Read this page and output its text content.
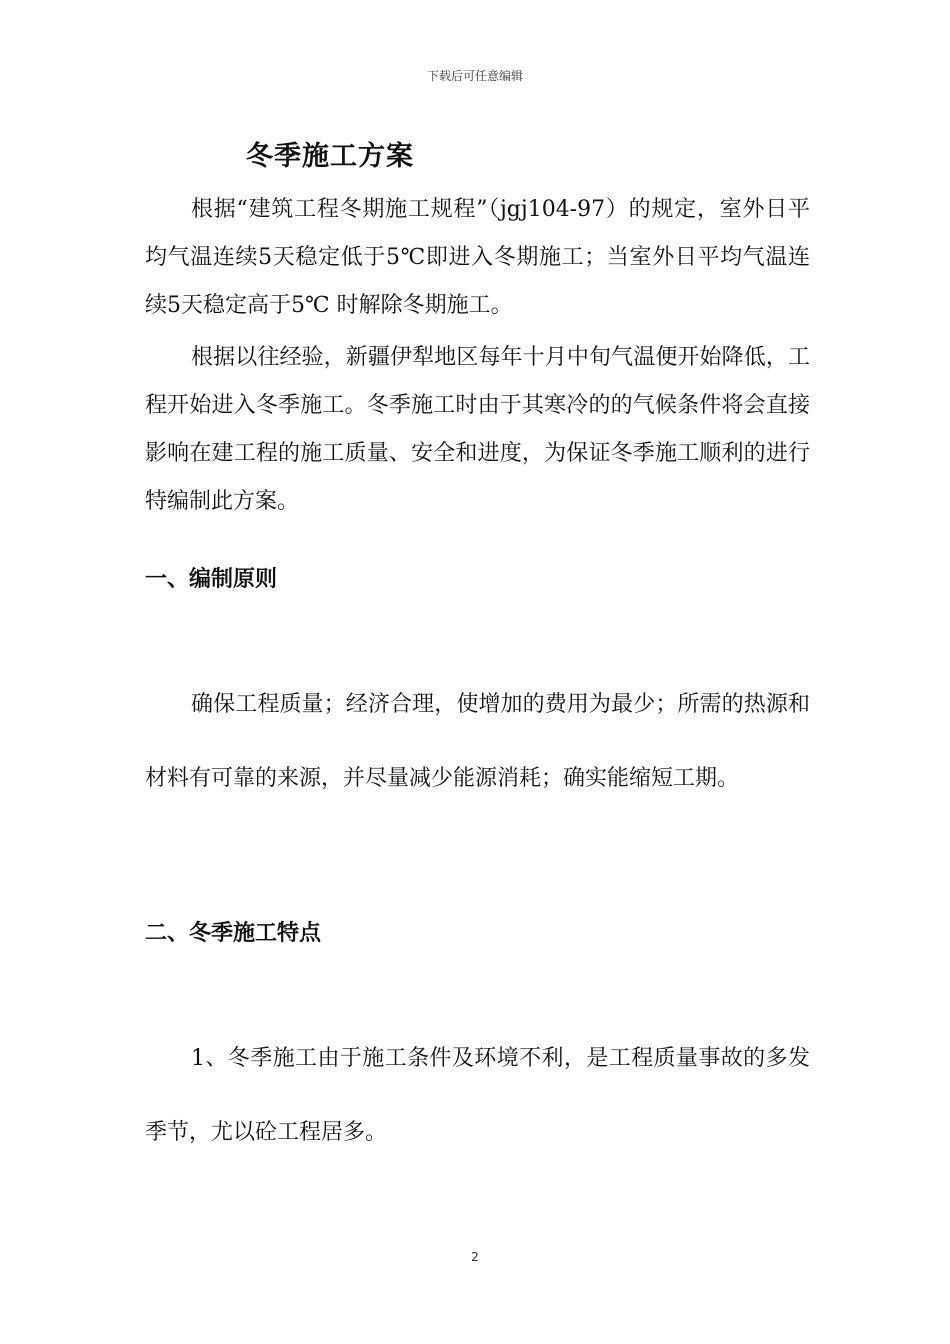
下载后可任意编辑
冬季施工方案

根据“建筑工程冬期施工规程”（jgj104-97）的规定，室外日平均气温连续5天稳定低于5℃即进入冬期施工；当室外日平均气温连续5天稳定高于5℃ 时解除冬期施工。

根据以往经验，新疆伊犁地区每年十月中旬气温便开始降低，工程开始进入冬季施工。冬季施工时由于其寒冷的的气候条件将会直接影响在建工程的施工质量、安全和进度，为保证冬季施工顺利的进行特编制此方案。

一、编制原则

确保工程质量；经济合理，使增加的费用为最少；所需的热源和材料有可靠的来源，并尽量减少能源消耗；确实能缩短工期。

二、冬季施工特点

1、冬季施工由于施工条件及环境不利，是工程质量事故的多发季节，尤以砼工程居多。

2
